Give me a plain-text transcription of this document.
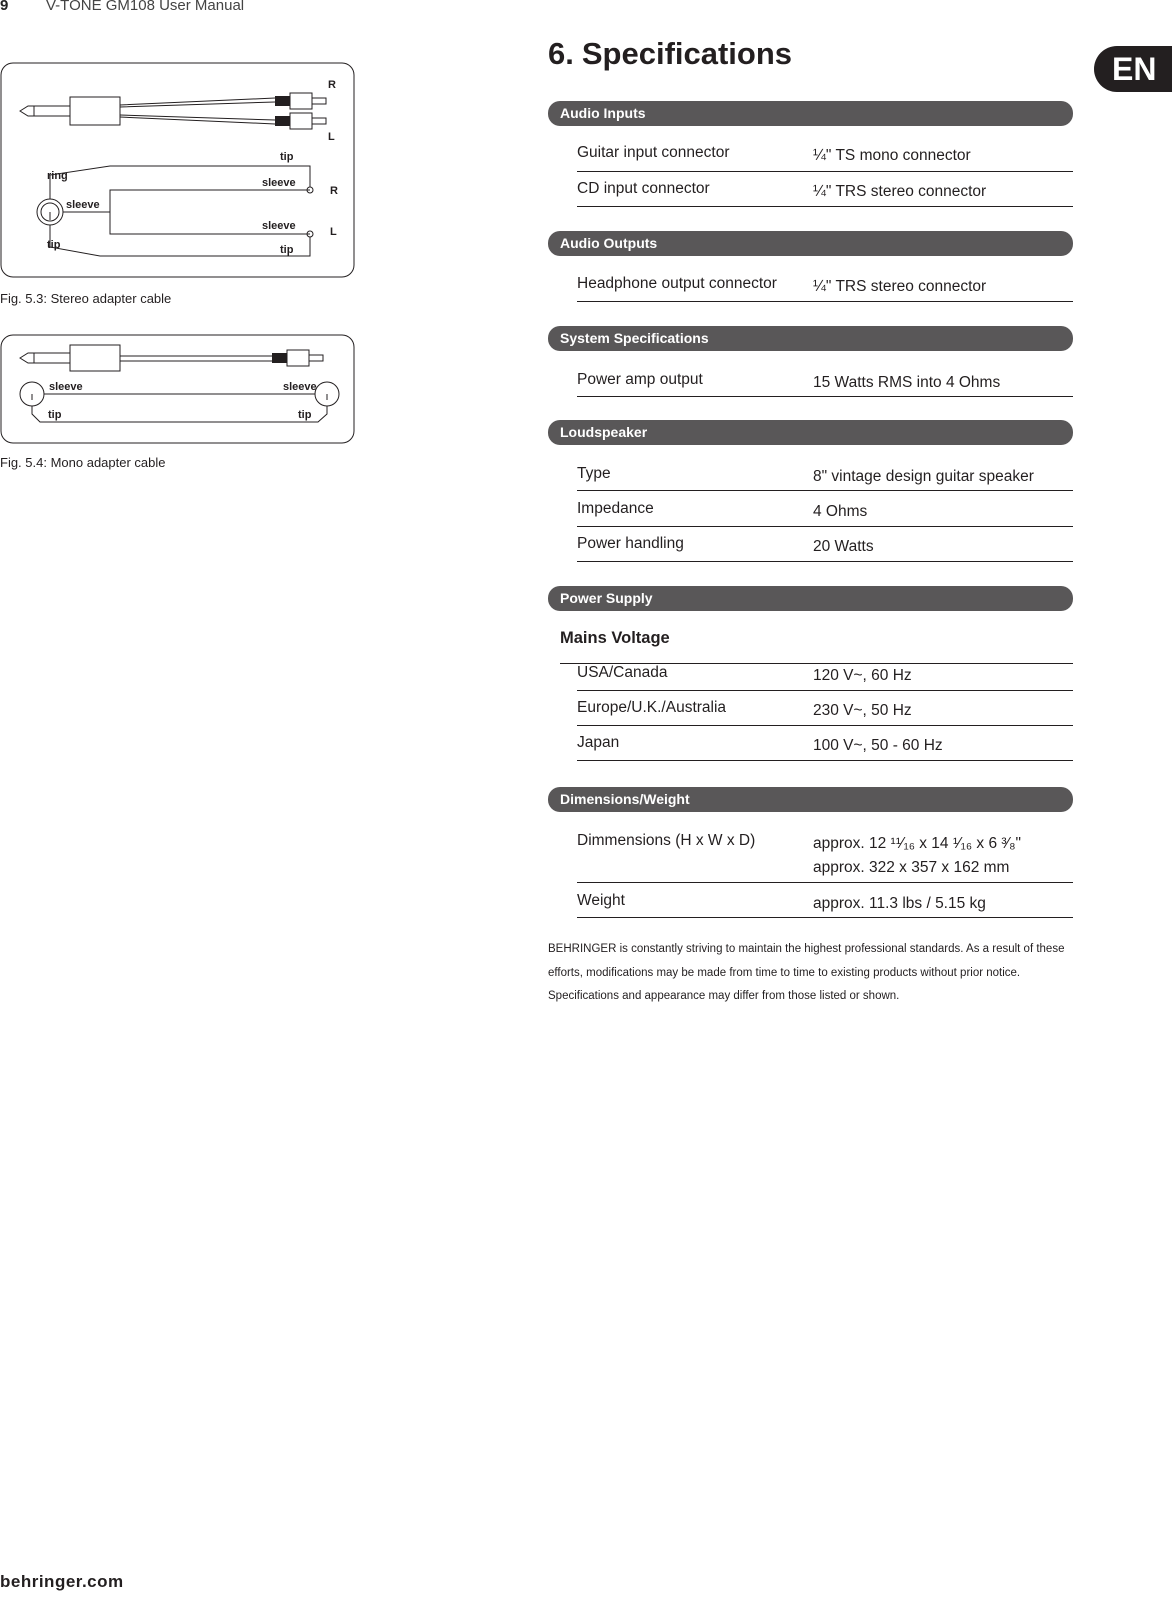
9	V-TONE GM108 User Manual
EN
R
L
ring
tip
sleeve
sleeve
R
sleeve	L
tip	tip
Fig. 5.3: Stereo adapter cable
sleeve	sleeve
tip	tip
Fig. 5.4: Mono adapter cable
6. Specifications
Audio Inputs
Guitar input connector	¼" TS mono connector
CD input connector	¼" TRS stereo connector
Audio Outputs
Headphone output connector ¼" TRS stereo connector
System Specifications
Power amp output	15 Watts RMS into 4 Ohms
Loudspeaker
Type	8" vintage design guitar speaker
Impedance	4 Ohms
Power handling	20 Watts
Power Supply
Mains Voltage
USA/Canada	120 V~, 60 Hz
Europe/U.K./Australia	230 V~, 50 Hz
Japan	100 V~, 50 - 60 Hz
Dimensions/Weight
Dimmensions (H x W x D)	approx. 12 ¹¹⁄₁₆ x 14 ¹⁄₁₆ x 6 ³⁄₈"
approx. 322 x 357 x 162 mm
Weight	approx. 11.3 lbs / 5.15 kg
BEHRINGER is constantly striving to maintain the highest professional standards. As a result of these efforts, modifications may be made from time to time to existing products without prior notice. Specifications and appearance may differ from those listed or shown.
behringer.com
